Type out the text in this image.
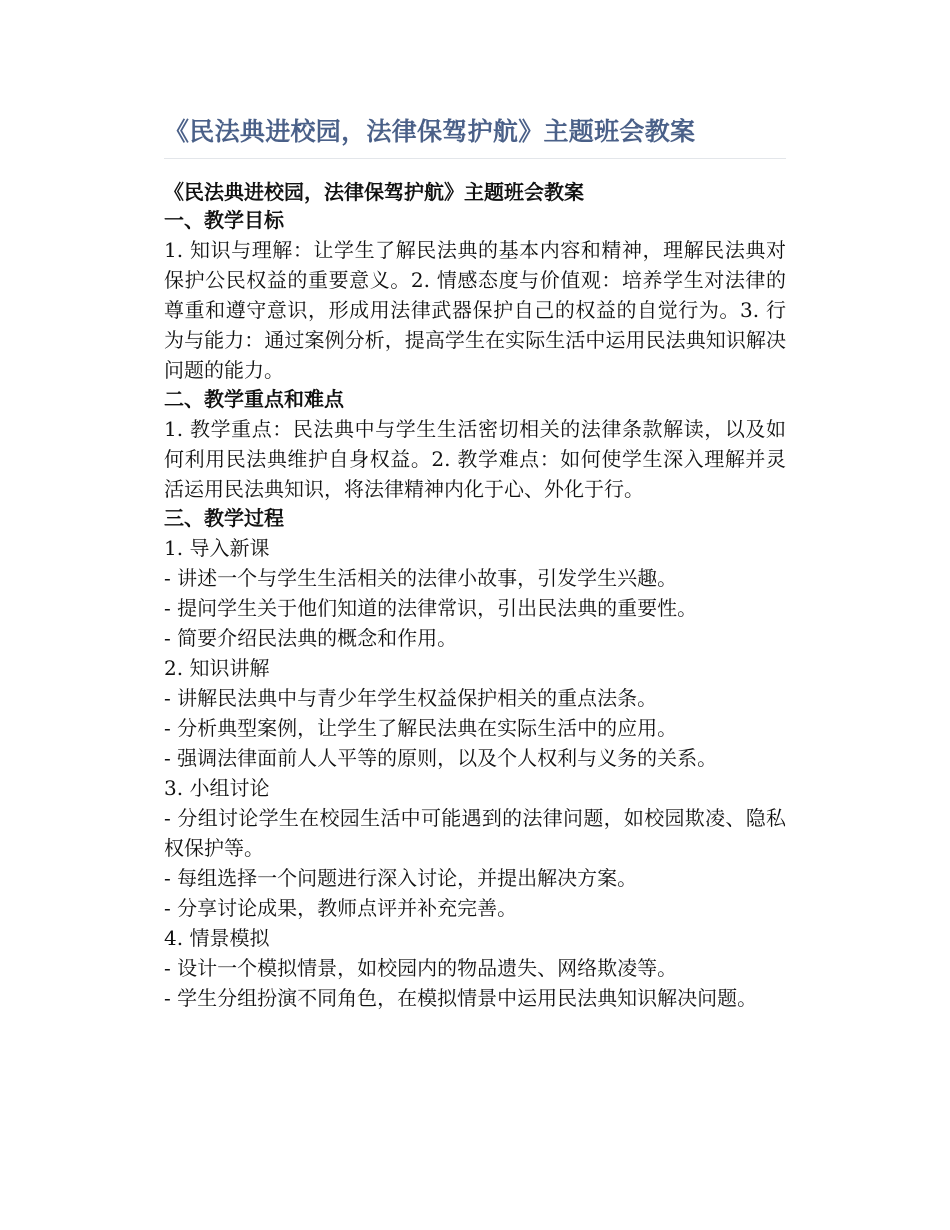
《民法典进校园，法律保驾护航》主题班会教案
《民法典进校园，法律保驾护航》主题班会教案
一、教学目标

1. 知识与理解：让学生了解民法典的基本内容和精神，理解民法典对保护公民权益的重要意义。2. 情感态度与价值观：培养学生对法律的尊重和遵守意识，形成用法律武器保护自己的权益的自觉行为。3. 行为与能力：通过案例分析，提高学生在实际生活中运用民法典知识解决问题的能力。

二、教学重点和难点

1. 教学重点：民法典中与学生生活密切相关的法律条款解读，以及如何利用民法典维护自身权益。2. 教学难点：如何使学生深入理解并灵活运用民法典知识，将法律精神内化于心、外化于行。

三、教学过程

1. 导入新课

- 讲述一个与学生生活相关的法律小故事，引发学生兴趣。

- 提问学生关于他们知道的法律常识，引出民法典的重要性。

- 简要介绍民法典的概念和作用。

2. 知识讲解

- 讲解民法典中与青少年学生权益保护相关的重点法条。

- 分析典型案例，让学生了解民法典在实际生活中的应用。

- 强调法律面前人人平等的原则，以及个人权利与义务的关系。

3. 小组讨论

- 分组讨论学生在校园生活中可能遇到的法律问题，如校园欺凌、隐私权保护等。

- 每组选择一个问题进行深入讨论，并提出解决方案。

- 分享讨论成果，教师点评并补充完善。

4. 情景模拟

- 设计一个模拟情景，如校园内的物品遗失、网络欺凌等。

- 学生分组扮演不同角色，在模拟情景中运用民法典知识解决问题。
